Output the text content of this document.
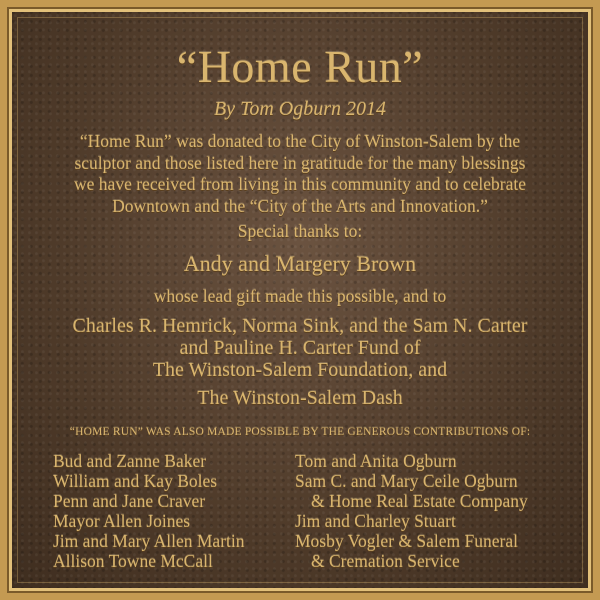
“Home Run”
By Tom Ogburn 2014
“Home Run” was donated to the City of Winston-Salem by the
sculptor and those listed here in gratitude for the many blessings
we have received from living in this community and to celebrate
Downtown and the “City of the Arts and Innovation.”
Special thanks to:
Andy and Margery Brown
whose lead gift made this possible, and to
Charles R. Hemrick, Norma Sink, and the Sam N. Carter
and Pauline H. Carter Fund of
The Winston-Salem Foundation, and
The Winston-Salem Dash
“HOME RUN” WAS ALSO MADE POSSIBLE BY THE GENEROUS CONTRIBUTIONS OF:
Bud and Zanne Baker
William and Kay Boles
Penn and Jane Craver
Mayor Allen Joines
Jim and Mary Allen Martin
Allison Towne McCall
Tom and Anita Ogburn
Sam C. and Mary Ceile Ogburn
& Home Real Estate Company
Jim and Charley Stuart
Mosby Vogler & Salem Funeral
& Cremation Service
